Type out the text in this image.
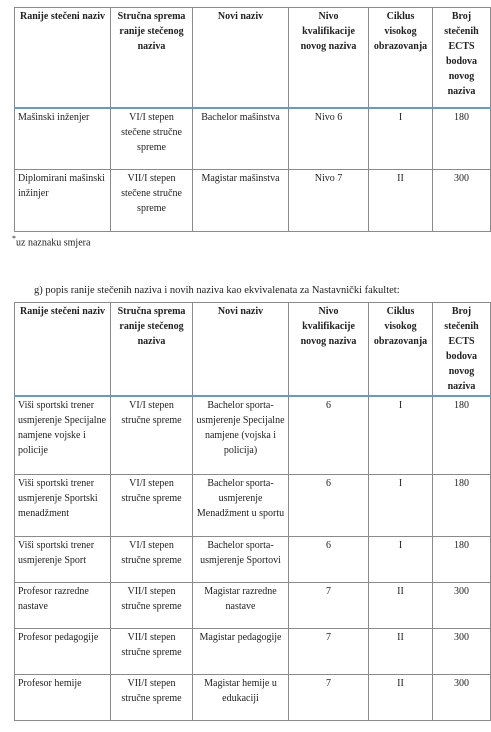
Ranije stečeni naziv	Stručna sprema ranije stečenog naziva	Novi naziv	Nivo kvalifikacije novog naziva	Ciklus visokog obrazovanja	Broj stečenih ECTS bodova novog naziva
Mašinski inženjer	VI/I stepen stečene stručne spreme	Bachelor mašinstva	Nivo 6	I	180
Diplomirani mašinski inžinjer	VII/I stepen stečene stručne spreme	Magistar mašinstva	Nivo 7	II	300
*uz naznaku smjera
g) popis ranije stečenih naziva i novih naziva kao ekvivalenata za Nastavnički fakultet:
Ranije stečeni naziv	Stručna sprema ranije stečenog naziva	Novi naziv	Nivo kvalifikacije novog naziva	Ciklus visokog obrazovanja	Broj stečenih ECTS bodova novog naziva
Viši sportski trener usmjerenje Specijalne namjene vojske i policije	VI/I stepen stručne spreme	Bachelor sporta-usmjerenje Specijalne namjene (vojska i policija)	6	I	180
Viši sportski trener usmjerenje Sportski menadžment	VI/I stepen stručne spreme	Bachelor sporta-usmjerenje Menadžment u sportu	6	I	180
Viši sportski trener usmjerenje Sport	VI/I stepen stručne spreme	Bachelor sporta-usmjerenje Sportovi	6	I	180
Profesor razredne nastave	VII/I stepen stručne spreme	Magistar razredne nastave	7	II	300
Profesor pedagogije	VII/I stepen stručne spreme	Magistar pedagogije	7	II	300
Profesor hemije	VII/I stepen stručne spreme	Magistar hemije u edukaciji	7	II	300
